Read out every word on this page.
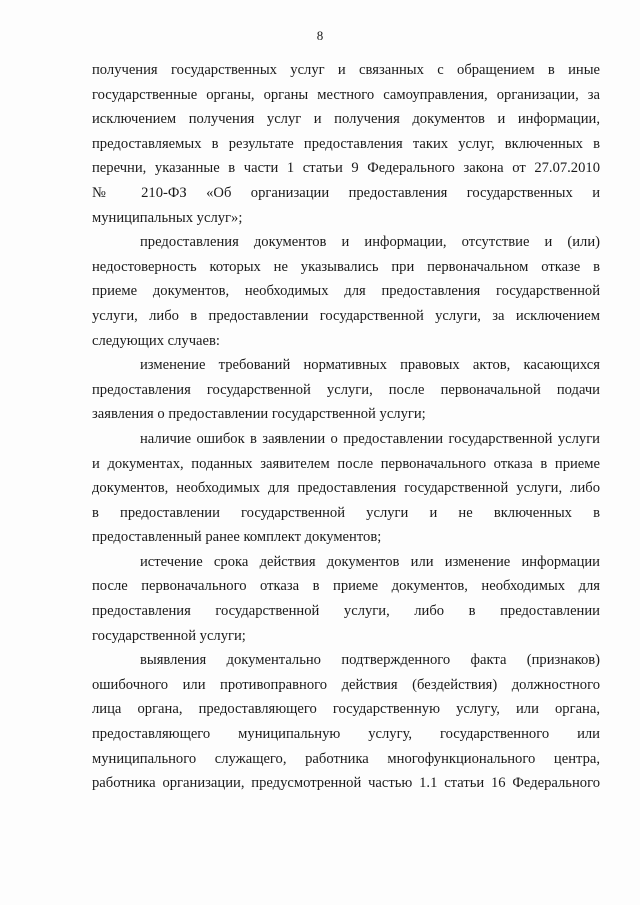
8
получения государственных услуг и связанных с обращением в иные
государственные органы, органы местного самоуправления, организации, за
исключением получения услуг и получения документов и информации,
предоставляемых в результате предоставления таких услуг, включенных в
перечни, указанные в части 1 статьи 9 Федерального закона от 27.07.2010
№ 210-ФЗ «Об организации предоставления государственных и
муниципальных услуг»;
предоставления документов и информации, отсутствие и (или)
недостоверность которых не указывались при первоначальном отказе в
приеме документов, необходимых для предоставления государственной
услуги, либо в предоставлении государственной услуги, за исключением
следующих случаев:
изменение требований нормативных правовых актов, касающихся
предоставления государственной услуги, после первоначальной подачи
заявления о предоставлении государственной услуги;
наличие ошибок в заявлении о предоставлении государственной услуги
и документах, поданных заявителем после первоначального отказа в приеме
документов, необходимых для предоставления государственной услуги, либо
в предоставлении государственной услуги и не включенных в
предоставленный ранее комплект документов;
истечение срока действия документов или изменение информации
после первоначального отказа в приеме документов, необходимых для
предоставления государственной услуги, либо в предоставлении
государственной услуги;
выявления документально подтвержденного факта (признаков)
ошибочного или противоправного действия (бездействия) должностного
лица органа, предоставляющего государственную услугу, или органа,
предоставляющего муниципальную услугу, государственного или
муниципального служащего, работника многофункционального центра,
работника организации, предусмотренной частью 1.1 статьи 16 Федерального
